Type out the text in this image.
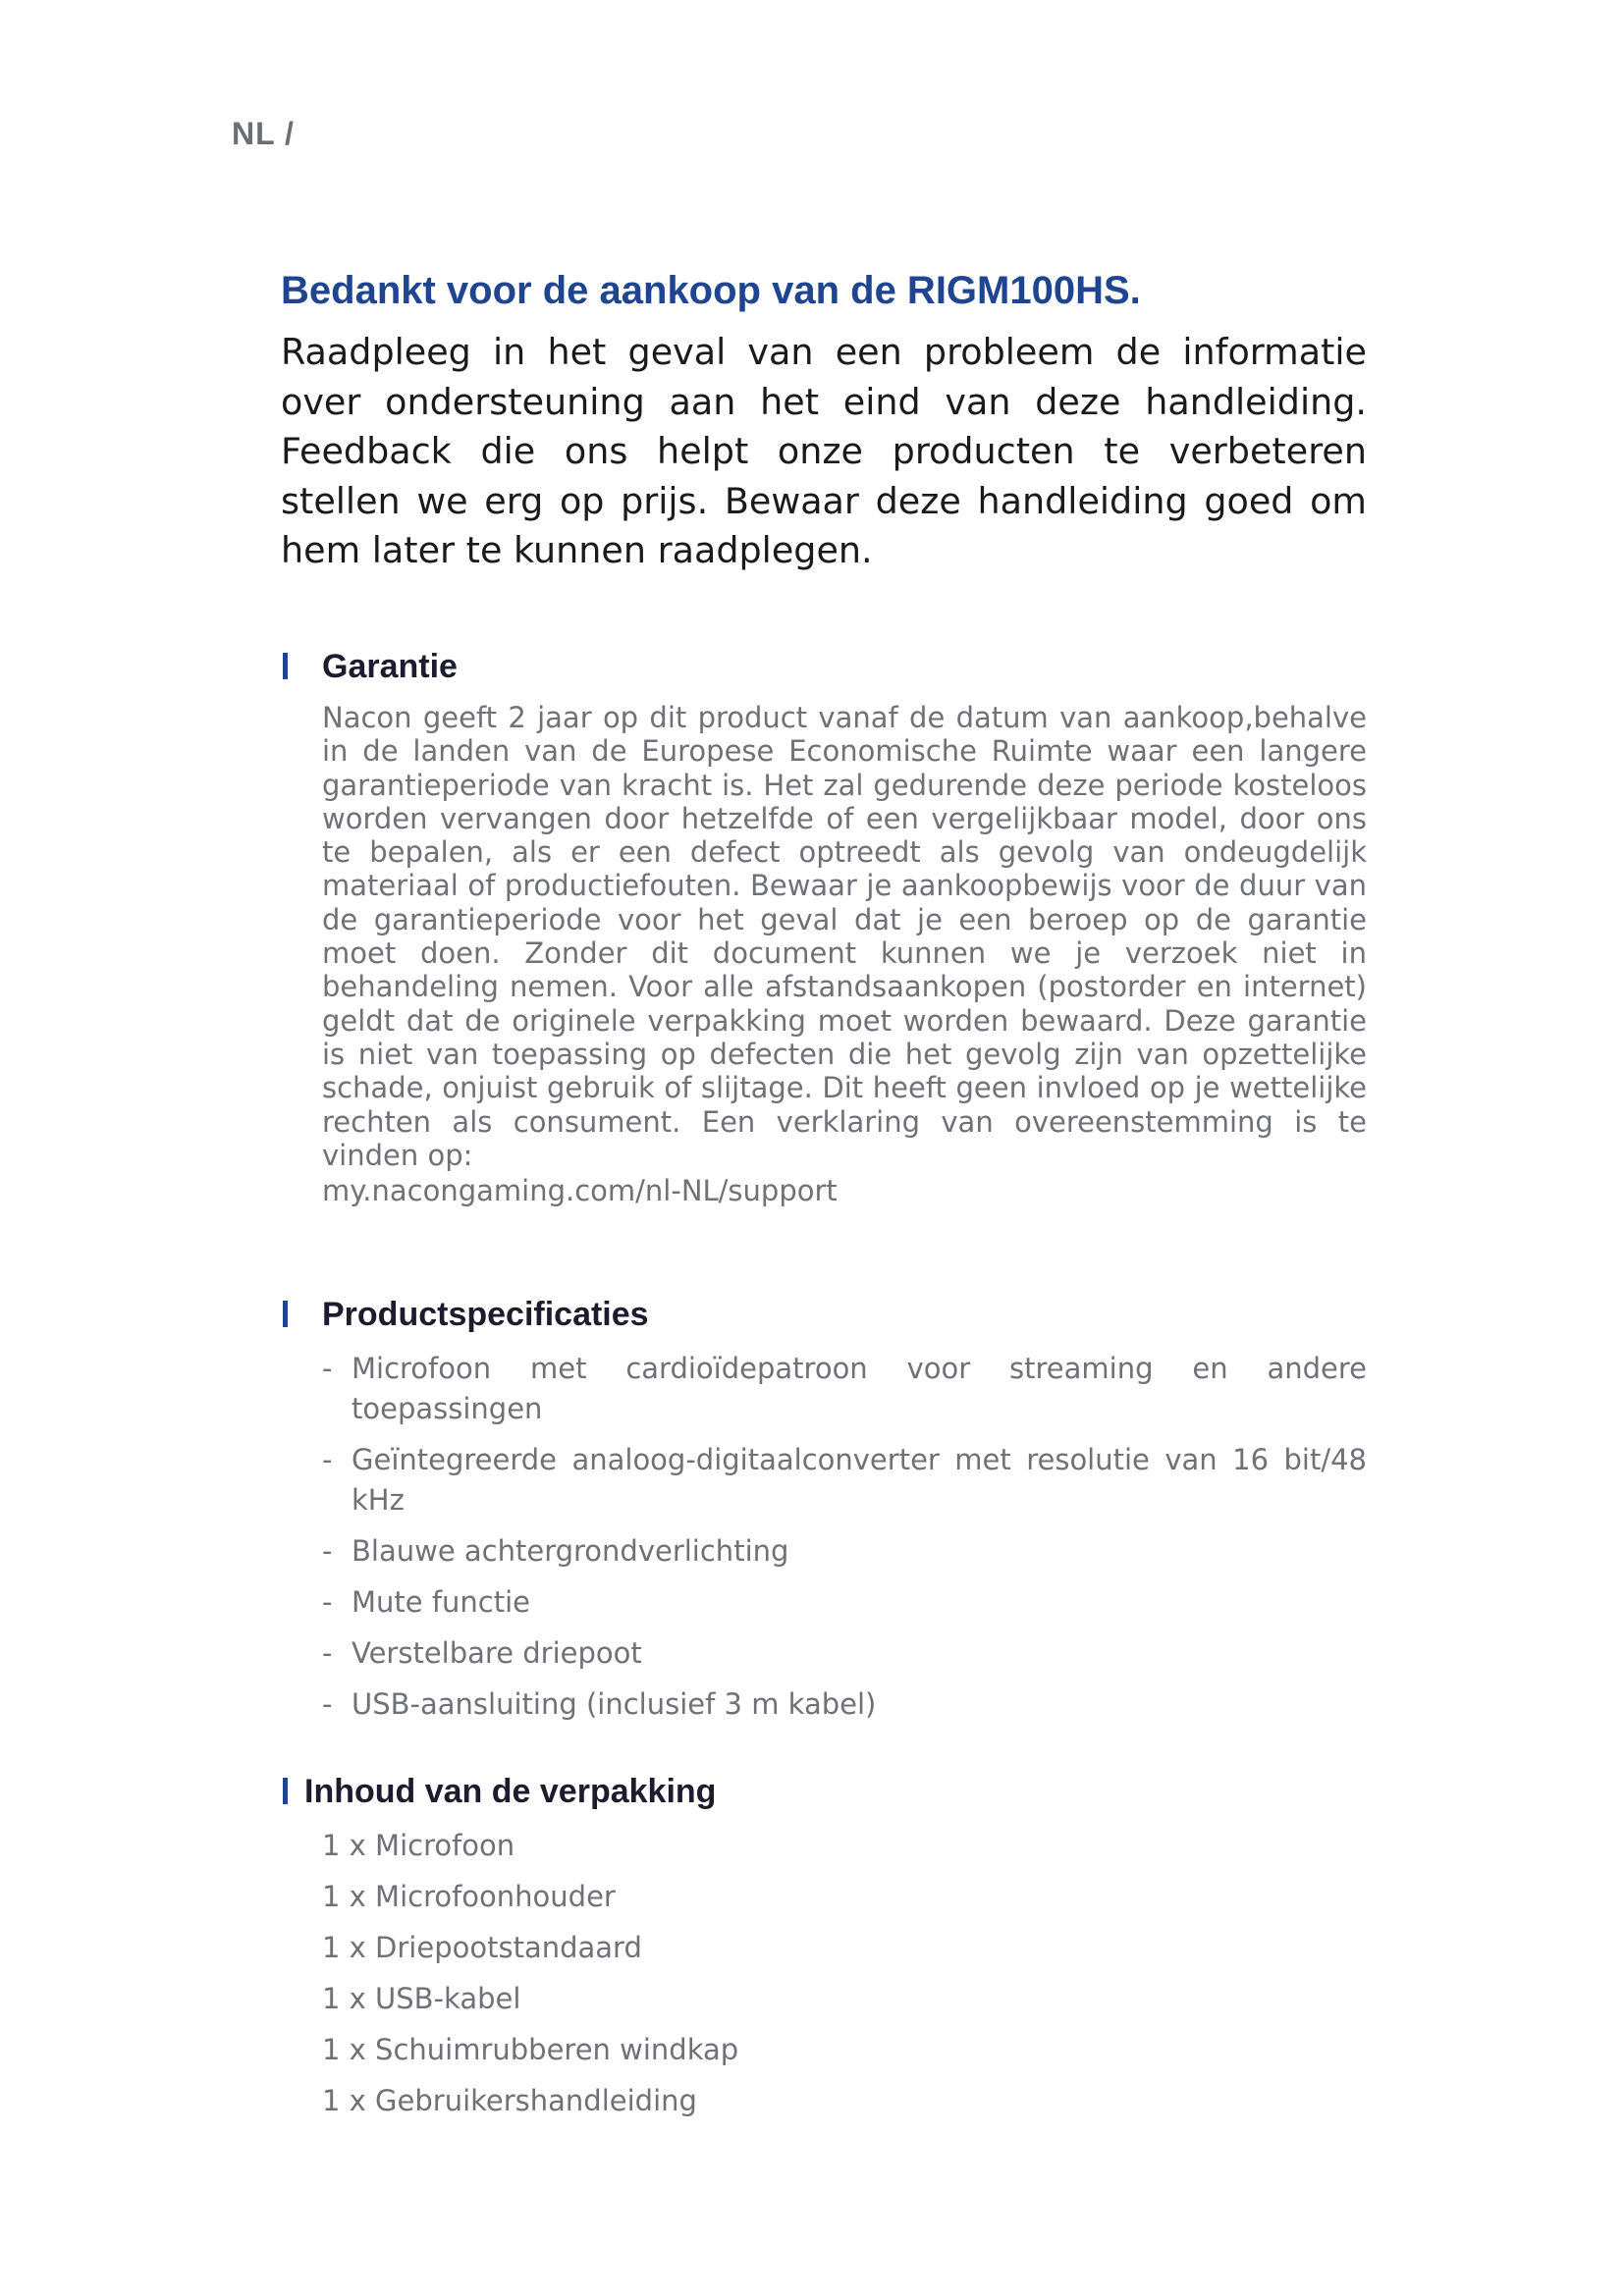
NL /
Bedankt voor de aankoop van de RIGM100HS.

Raadpleeg in het geval van een probleem de informatie over ondersteuning aan het eind van deze handleiding. Feedback die ons helpt onze producten te verbeteren stellen we erg op prijs. Bewaar deze handleiding goed om hem later te kunnen raadplegen.

Garantie
Nacon geeft 2 jaar op dit product vanaf de datum van aankoop,behalve in de landen van de Europese Economische Ruimte waar een langere garantieperiode van kracht is. Het zal gedurende deze periode kosteloos worden vervangen door hetzelfde of een vergelijkbaar model, door ons te bepalen, als er een defect optreedt als gevolg van ondeugdelijk materiaal of productiefouten. Bewaar je aankoopbewijs voor de duur van de garantieperiode voor het geval dat je een beroep op de garantie moet doen. Zonder dit document kunnen we je verzoek niet in behandeling nemen. Voor alle afstandsaankopen (postorder en internet) geldt dat de originele verpakking moet worden bewaard. Deze garantie is niet van toepassing op defecten die het gevolg zijn van opzettelijke schade, onjuist gebruik of slijtage. Dit heeft geen invloed op je wettelijke rechten als consument. Een verklaring van overeenstemming is te vinden op:
my.nacongaming.com/nl-NL/support
Productspecificaties
- Microfoon met cardioïdepatroon voor streaming en andere toepassingen
- Geïntegreerde analoog-digitaalconverter met resolutie van 16 bit/48 kHz
- Blauwe achtergrondverlichting
- Mute functie
- Verstelbare driepoot
- USB-aansluiting (inclusief 3 m kabel)
Inhoud van de verpakking
1 x Microfoon
1 x Microfoonhouder
1 x Driepootstandaard
1 x USB-kabel
1 x Schuimrubberen windkap
1 x Gebruikershandleiding
